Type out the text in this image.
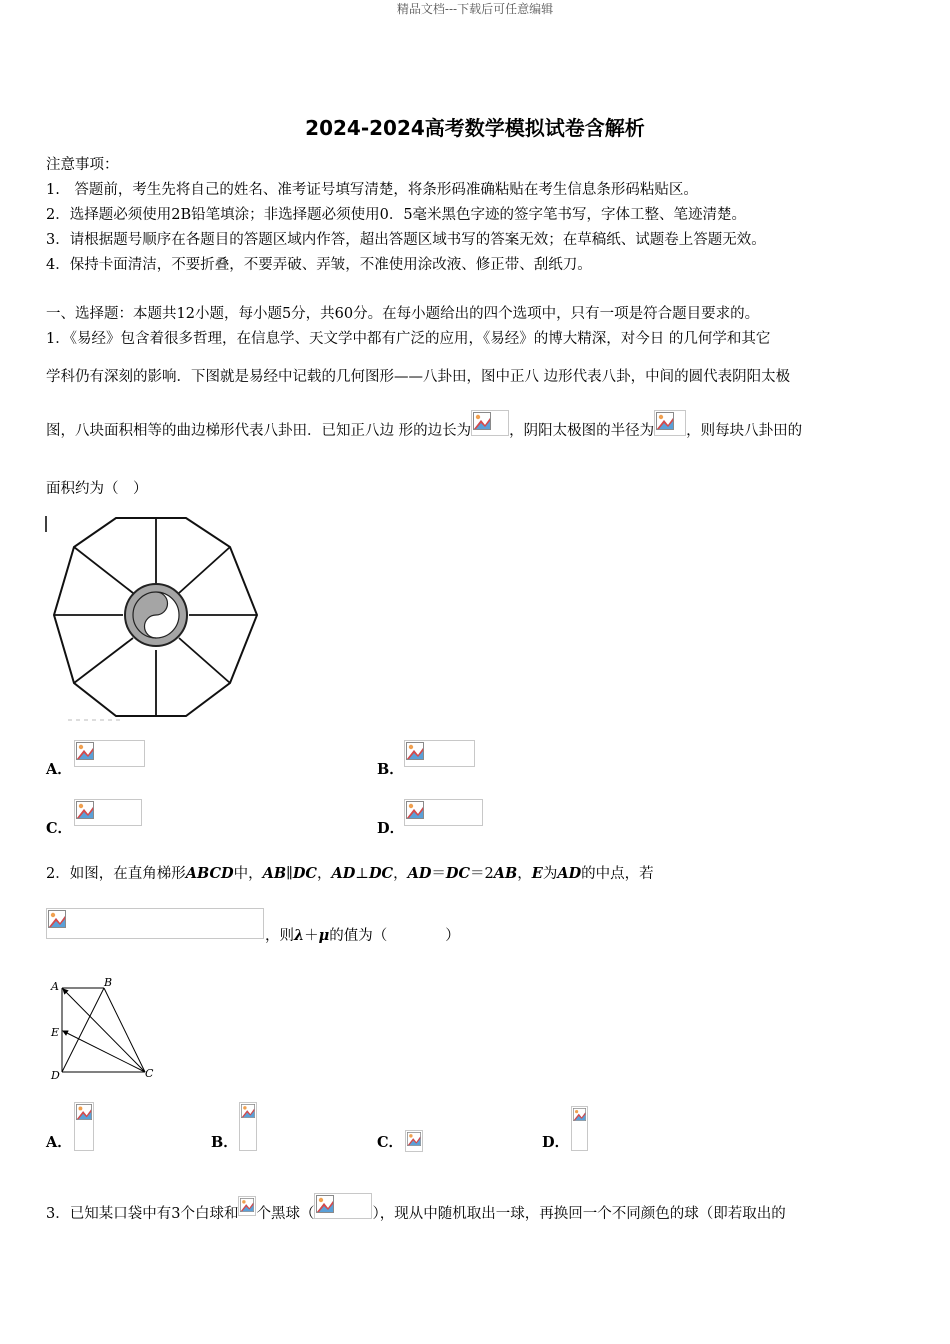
精品文档---下载后可任意编辑
2024-2024高考数学模拟试卷含解析
注意事项：
1.　答题前，考生先将自己的姓名、准考证号填写清楚，将条形码准确粘贴在考生信息条形码粘贴区。
2．选择题必须使用2B铅笔填涂；非选择题必须使用0．5毫米黑色字迹的签字笔书写，字体工整、笔迹清楚。
3．请根据题号顺序在各题目的答题区域内作答，超出答题区域书写的答案无效；在草稿纸、试题卷上答题无效。
4．保持卡面清洁，不要折叠，不要弄破、弄皱，不准使用涂改液、修正带、刮纸刀。
一、选择题：本题共12小题，每小题5分，共60分。在每小题给出的四个选项中，只有一项是符合题目要求的。
1．《易经》包含着很多哲理，在信息学、天文学中都有广泛的应用，《易经》的博大精深，对今日 的几何学和其它
学科仍有深刻的影响．下图就是易经中记载的几何图形——八卦田，图中正八 边形代表八卦，中间的圆代表阴阳太极
图，八块面积相等的曲边梯形代表八卦田．已知正八边 形的边长为	，阴阳太极图的半径为 ，则每块八卦田的
面积约为（　）
A．	B．
C．	D．
2．如图，在直角梯形ABCD中，AB∥DC，AD⊥DC，AD＝DC＝2AB，E为AD的中点，若
，则λ＋μ的值为（　　　　）
A	B
E
D	C
A．	B．	C．	D．
3．已知某口袋中有3个白球和 个黑球（	），现从中随机取出一球，再换回一个不同颜色的球（即若取出的
